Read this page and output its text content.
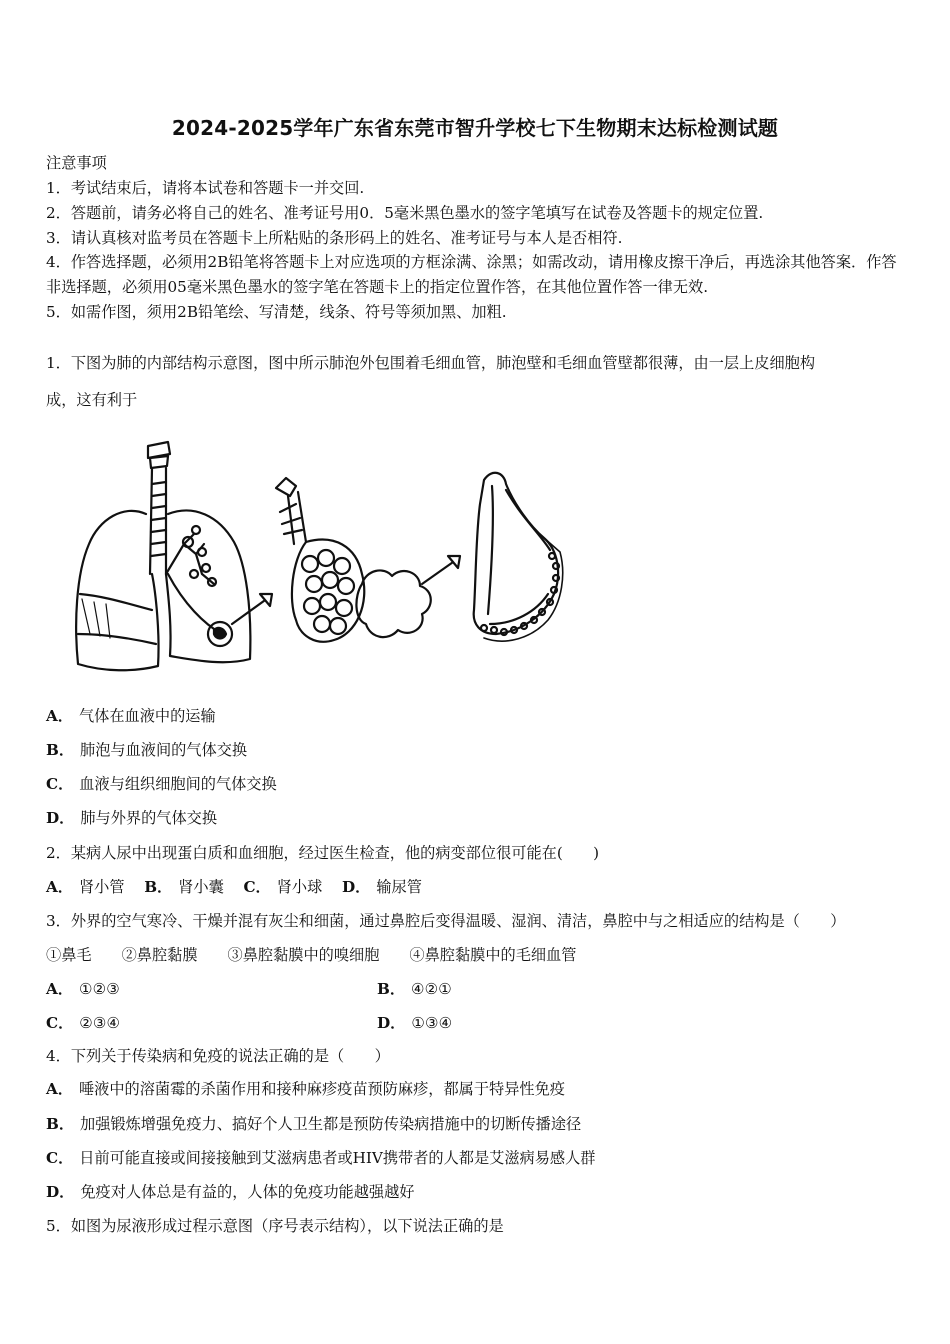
2024-2025学年广东省东莞市智升学校七下生物期末达标检测试题
注意事项
1．考试结束后，请将本试卷和答题卡一并交回.
2．答题前，请务必将自己的姓名、准考证号用0．5毫米黑色墨水的签字笔填写在试卷及答题卡的规定位置.
3．请认真核对监考员在答题卡上所粘贴的条形码上的姓名、准考证号与本人是否相符.
4．作答选择题，必须用2B铅笔将答题卡上对应选项的方框涂满、涂黑；如需改动，请用橡皮擦干净后，再选涂其他答案．作答非选择题，必须用05毫米黑色墨水的签字笔在答题卡上的指定位置作答，在其他位置作答一律无效.
5．如需作图，须用2B铅笔绘、写清楚，线条、符号等须加黑、加粗.
1．下图为肺的内部结构示意图，图中所示肺泡外包围着毛细血管，肺泡壁和毛细血管壁都很薄，由一层上皮细胞构
成，这有利于
A． 气体在血液中的运输
B． 肺泡与血液间的气体交换
C． 血液与组织细胞间的气体交换
D． 肺与外界的气体交换
2．某病人尿中出现蛋白质和血细胞，经过医生检查，他的病变部位很可能在(　　)
A． 肾小管 B． 肾小囊 C． 肾小球 D． 输尿管
3．外界的空气寒冷、干燥并混有灰尘和细菌，通过鼻腔后变得温暖、湿润、清洁，鼻腔中与之相适应的结构是（　　）
①鼻毛 ②鼻腔黏膜 ③鼻腔黏膜中的嗅细胞 ④鼻腔黏膜中的毛细血管
A． ①②③	B． ④②①
C． ②③④	D． ①③④
4．下列关于传染病和免疫的说法正确的是（　　）
A． 唾液中的溶菌霉的杀菌作用和接种麻疹疫苗预防麻疹，都属于特异性免疫
B． 加强锻炼增强免疫力、搞好个人卫生都是预防传染病措施中的切断传播途径
C． 日前可能直接或间接接触到艾滋病患者或HIV携带者的人都是艾滋病易感人群
D． 免疫对人体总是有益的，人体的免疫功能越强越好
5．如图为尿液形成过程示意图（序号表示结构），以下说法正确的是
